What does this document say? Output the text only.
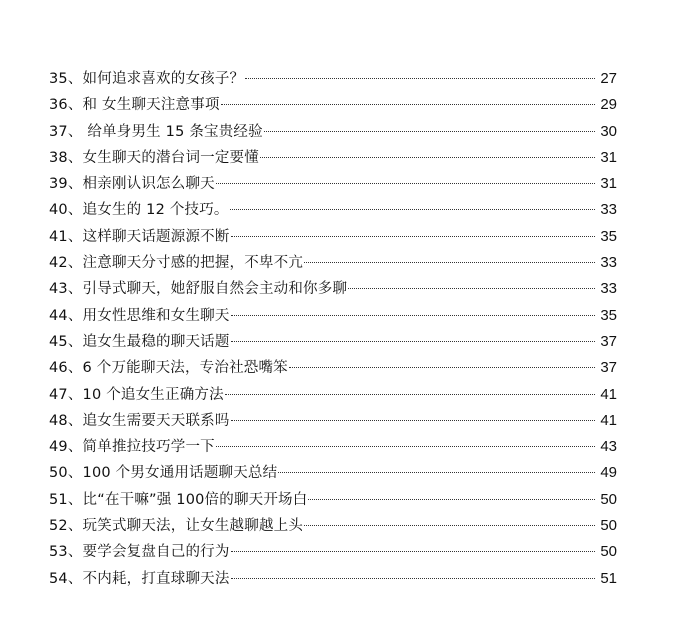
35、如何追求喜欢的女孩子？	27
36、和 女生聊天注意事项	29
37、 给单身男生 15 条宝贵经验	30
38、女生聊天的潜台词一定要懂	31
39、相亲刚认识怎么聊天	31
40、追女生的 12 个技巧。	33
41、这样聊天话题源源不断	35
42、注意聊天分寸感的把握，不卑不亢	33
43、引导式聊天，她舒服自然会主动和你多聊	33
44、用女性思维和女生聊天	35
45、追女生最稳的聊天话题	37
46、6 个万能聊天法，专治社恐嘴笨	37
47、10 个追女生正确方法	41
48、追女生需要天天联系吗	41
49、简单推拉技巧学一下	43
50、100 个男女通用话题聊天总结	49
51、比“在干嘛”强 100倍的聊天开场白	50
52、玩笑式聊天法，让女生越聊越上头	50
53、要学会复盘自己的行为	50
54、不内耗，打直球聊天法	51
